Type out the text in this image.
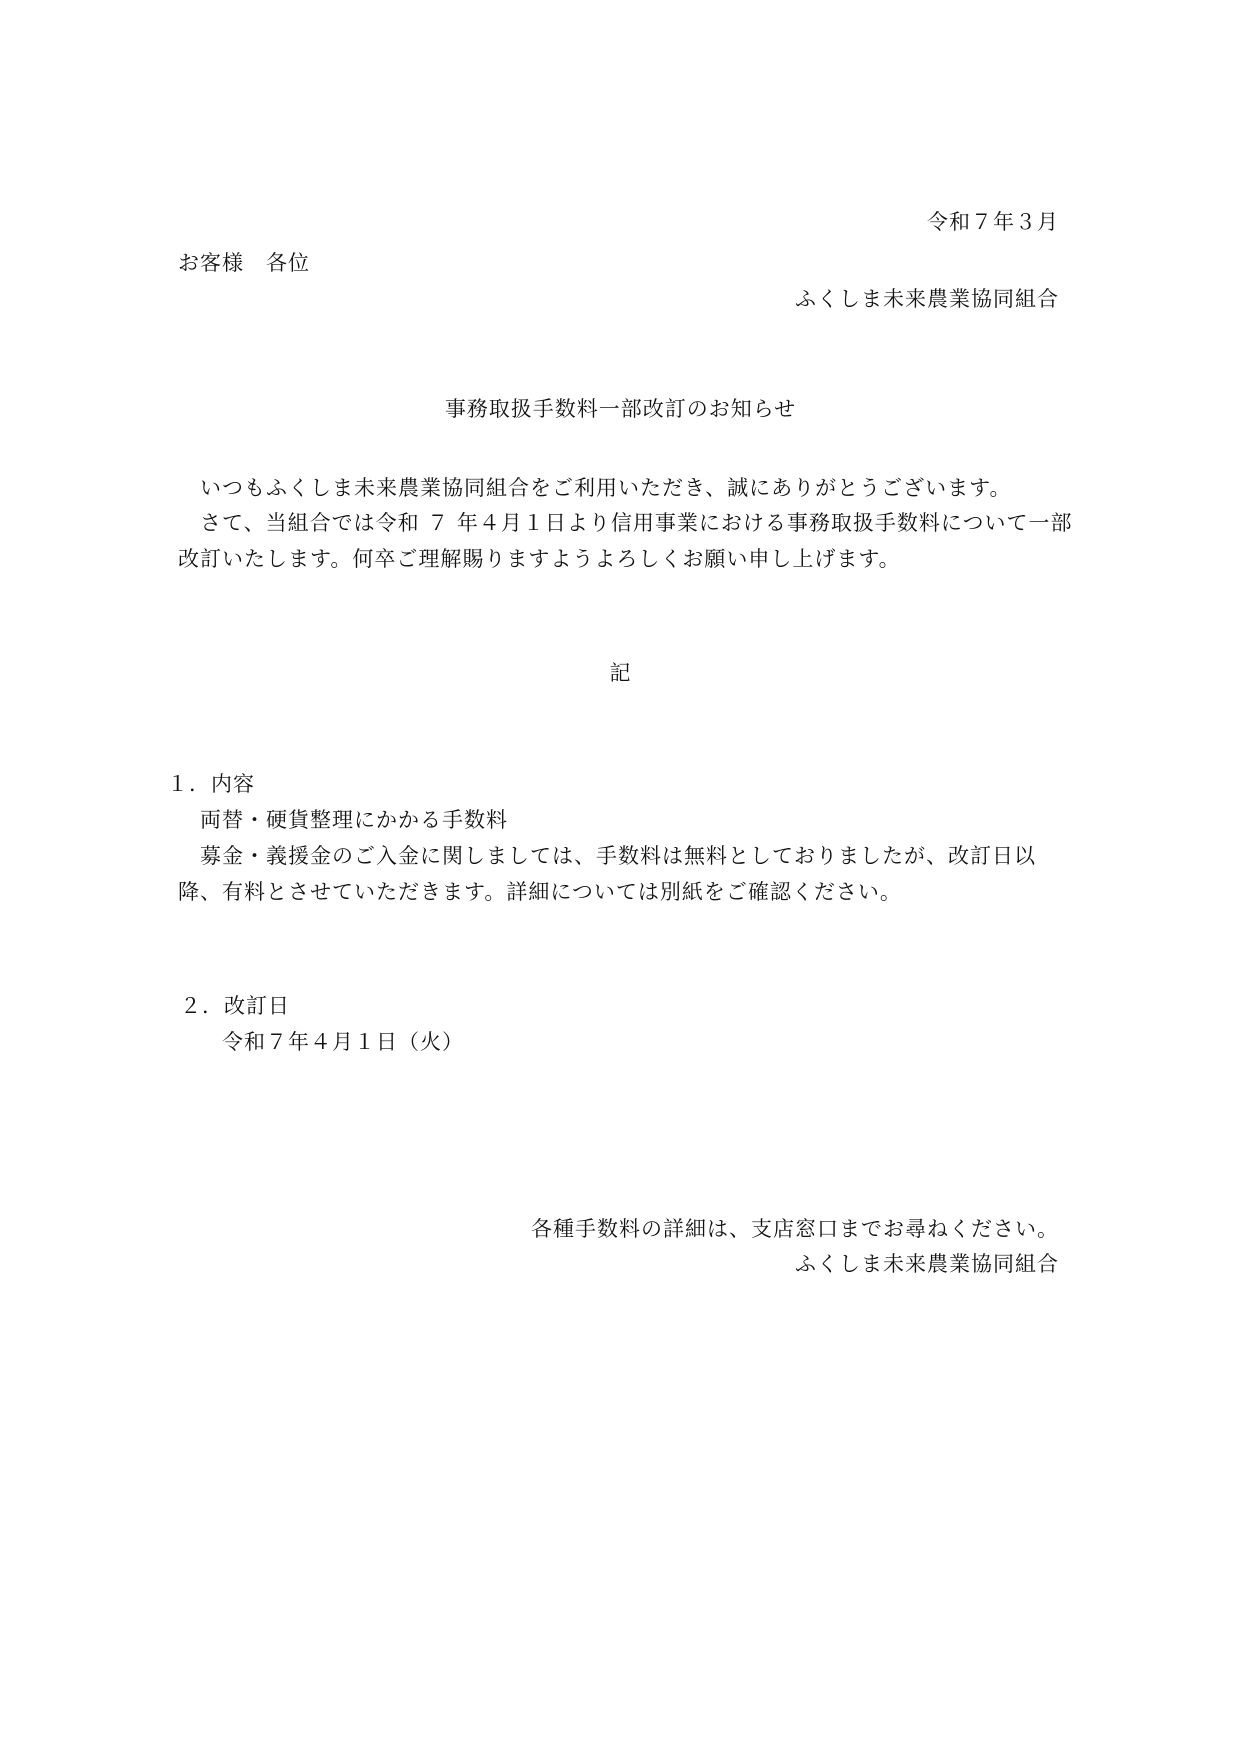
令和７年３月
お客様　各位
ふくしま未来農業協同組合
事務取扱手数料一部改訂のお知らせ
いつもふくしま未来農業協同組合をご利用いただき、誠にありがとうございます。
さて、当組合では令和 ７ 年４月１日より信用事業における事務取扱手数料について一部
改訂いたします。何卒ご理解賜りますようよろしくお願い申し上げます。
記
１．内容
両替・硬貨整理にかかる手数料
募金・義援金のご入金に関しましては、手数料は無料としておりましたが、改訂日以
降、有料とさせていただきます。詳細については別紙をご確認ください。
２．改訂日
令和７年４月１日（火）
各種手数料の詳細は、支店窓口までお尋ねください。
ふくしま未来農業協同組合
